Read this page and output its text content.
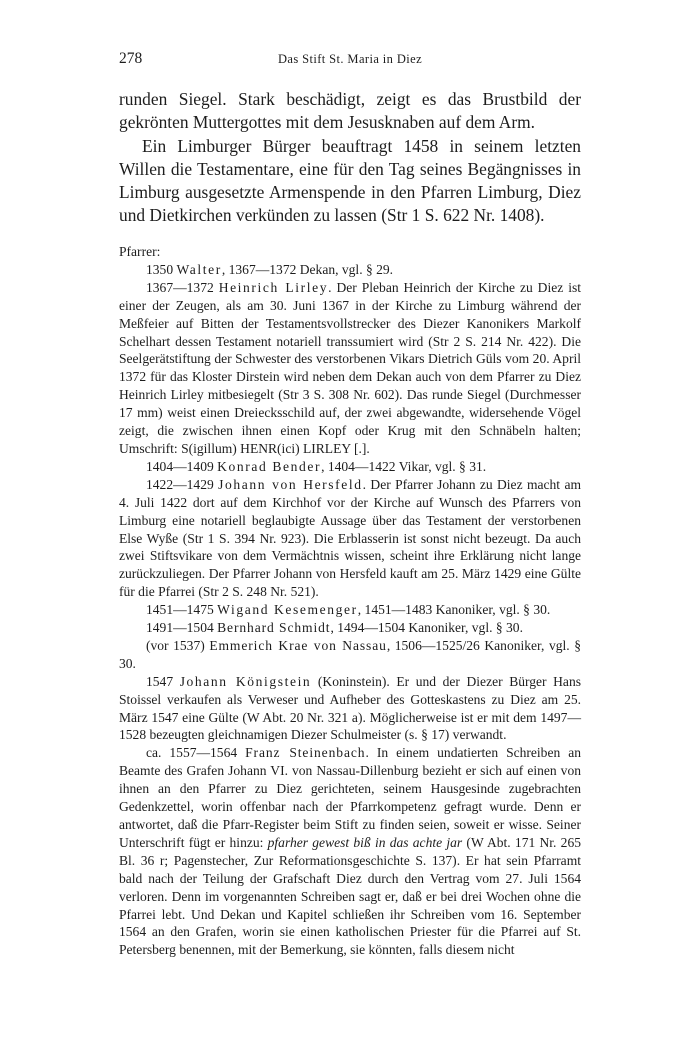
278	Das Stift St. Maria in Diez

runden Siegel. Stark beschädigt, zeigt es das Brustbild der gekrönten Muttergottes mit dem Jesusknaben auf dem Arm.

Ein Limburger Bürger beauftragt 1458 in seinem letzten Willen die Testamentare, eine für den Tag seines Begängnisses in Limburg ausgesetzte Armenspende in den Pfarren Limburg, Diez und Dietkirchen verkünden zu lassen (Str 1 S. 622 Nr. 1408).

Pfarrer:

1350 Walter, 1367—1372 Dekan, vgl. § 29.

1367—1372 Heinrich Lirley. Der Pleban Heinrich der Kirche zu Diez ist einer der Zeugen, als am 30. Juni 1367 in der Kirche zu Limburg während der Meßfeier auf Bitten der Testamentsvollstrecker des Diezer Kanonikers Markolf Schelhart dessen Testament notariell transsumiert wird (Str 2 S. 214 Nr. 422). Die Seelgerätstiftung der Schwester des verstorbenen Vikars Dietrich Güls vom 20. April 1372 für das Kloster Dirstein wird neben dem Dekan auch von dem Pfarrer zu Diez Heinrich Lirley mitbesiegelt (Str 3 S. 308 Nr. 602). Das runde Siegel (Durchmesser 17 mm) weist einen Dreiecksschild auf, der zwei abgewandte, widersehende Vögel zeigt, die zwischen ihnen einen Kopf oder Krug mit den Schnäbeln halten; Umschrift: S(igillum) HENR(ici) LIRLEY [.].

1404—1409 Konrad Bender, 1404—1422 Vikar, vgl. § 31.

1422—1429 Johann von Hersfeld. Der Pfarrer Johann zu Diez macht am 4. Juli 1422 dort auf dem Kirchhof vor der Kirche auf Wunsch des Pfarrers von Limburg eine notariell beglaubigte Aussage über das Testament der verstorbenen Else Wyße (Str 1 S. 394 Nr. 923). Die Erblasserin ist sonst nicht bezeugt. Da auch zwei Stiftsvikare von dem Vermächtnis wissen, scheint ihre Erklärung nicht lange zurückzuliegen. Der Pfarrer Johann von Hersfeld kauft am 25. März 1429 eine Gülte für die Pfarrei (Str 2 S. 248 Nr. 521).

1451—1475 Wigand Kesemenger, 1451—1483 Kanoniker, vgl. § 30.

1491—1504 Bernhard Schmidt, 1494—1504 Kanoniker, vgl. § 30.

(vor 1537) Emmerich Krae von Nassau, 1506—1525/26 Kanoniker, vgl. § 30.

1547 Johann Königstein (Koninstein). Er und der Diezer Bürger Hans Stoissel verkaufen als Verweser und Aufheber des Gotteskastens zu Diez am 25. März 1547 eine Gülte (W Abt. 20 Nr. 321 a). Möglicherweise ist er mit dem 1497—1528 bezeugten gleichnamigen Diezer Schulmeister (s. § 17) verwandt.

ca. 1557—1564 Franz Steinenbach. In einem undatierten Schreiben an Beamte des Grafen Johann VI. von Nassau-Dillenburg bezieht er sich auf einen von ihnen an den Pfarrer zu Diez gerichteten, seinem Hausgesinde zugebrachten Gedenkzettel, worin offenbar nach der Pfarrkompetenz gefragt wurde. Denn er antwortet, daß die Pfarr-Register beim Stift zu finden seien, soweit er wisse. Seiner Unterschrift fügt er hinzu: pfarher gewest biß in das achte jar (W Abt. 171 Nr. 265 Bl. 36 r; Pagenstecher, Zur Reformationsgeschichte S. 137). Er hat sein Pfarramt bald nach der Teilung der Grafschaft Diez durch den Vertrag vom 27. Juli 1564 verloren. Denn im vorgenannten Schreiben sagt er, daß er bei drei Wochen ohne die Pfarrei lebt. Und Dekan und Kapitel schließen ihr Schreiben vom 16. September 1564 an den Grafen, worin sie einen katholischen Priester für die Pfarrei auf St. Petersberg benennen, mit der Bemerkung, sie könnten, falls diesem nicht
